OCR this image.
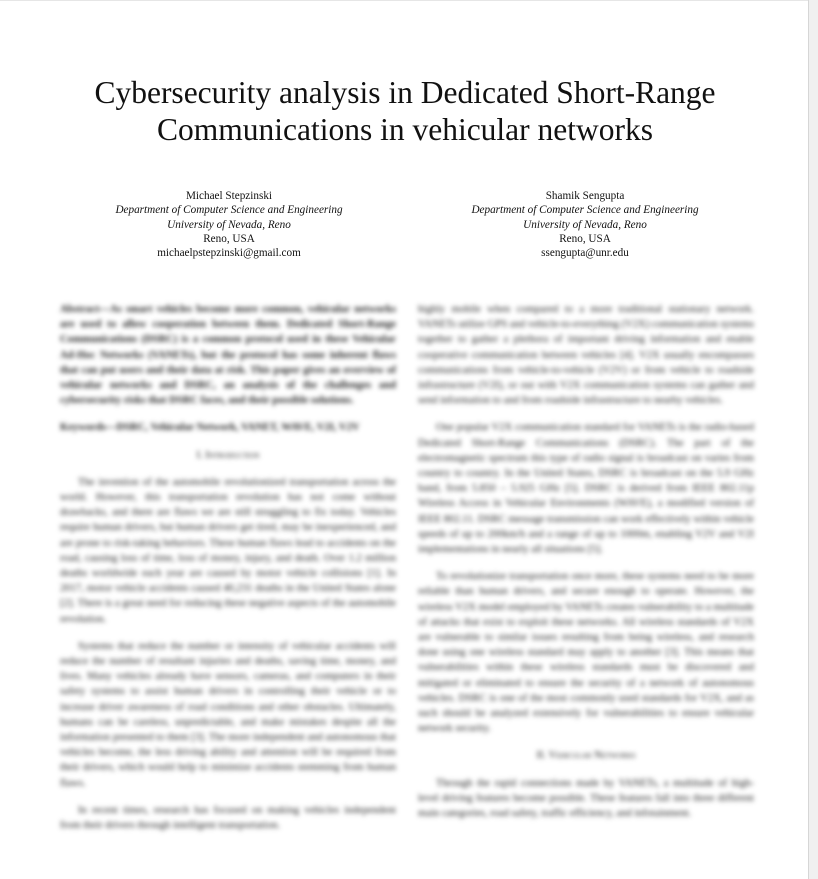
Cybersecurity analysis in Dedicated Short-Range
Communications in vehicular networks
Michael Stepzinski
Department of Computer Science and Engineering
University of Nevada, Reno
Reno, USA
michaelpstepzinski@gmail.com
Shamik Sengupta
Department of Computer Science and Engineering
University of Nevada, Reno
Reno, USA
ssengupta@unr.edu

Abstract—As smart vehicles become more common, vehicular networks are used to allow cooperation between them. Dedicated Short-Range Communications (DSRC) is a common protocol used in these Vehicular Ad-Hoc Networks (VANETs), but the protocol has some inherent flaws that can put users and their data at risk. This paper gives an overview of vehicular networks and DSRC, an analysis of the challenges and cybersecurity risks that DSRC faces, and their possible solutions.

Keywords—DSRC, Vehicular Network, VANET, WAVE, V2I, V2V

I. Introduction

The invention of the automobile revolutionized transportation across the world. However, this transportation revolution has not come without drawbacks, and there are flaws we are still struggling to fix today. Vehicles require human drivers, but human drivers get tired, may be inexperienced, and are prone to risk-taking behaviors. These human flaws lead to accidents on the road, causing loss of time, loss of money, injury, and death. Over 1.2 million deaths worldwide each year are caused by motor vehicle collisions [1]. In 2017, motor vehicle accidents caused 40,231 deaths in the United States alone [2]. There is a great need for reducing these negative aspects of the automobile revolution.

Systems that reduce the number or intensity of vehicular accidents will reduce the number of resultant injuries and deaths, saving time, money, and lives. Many vehicles already have sensors, cameras, and computers in their safety systems to assist human drivers in controlling their vehicle or to increase driver awareness of road conditions and other obstacles. Ultimately, humans can be careless, unpredictable, and make mistakes despite all the information presented to them [3]. The more independent and autonomous that vehicles become, the less driving ability and attention will be required from their drivers, which would help to minimize accidents stemming from human flaws.

In recent times, research has focused on making vehicles independent from their drivers through intelligent transportation.

highly mobile when compared to a more traditional stationary network. VANETs utilize GPS and vehicle-to-everything (V2X) communication systems together to gather a plethora of important driving information and enable cooperative communication between vehicles [4]. V2X usually encompasses communications from vehicle-to-vehicle (V2V) or from vehicle to roadside infrastructure (V2I), or out with V2X communication systems can gather and send information to and from roadside infrastructure to nearby vehicles.

One popular V2X communication standard for VANETs is the radio-based Dedicated Short-Range Communications (DSRC). The part of the electromagnetic spectrum this type of radio signal is broadcast on varies from country to country. In the United States, DSRC is broadcast on the 5.9 GHz band, from 5.850 – 5.925 GHz [5]. DSRC is derived from IEEE 802.11p Wireless Access in Vehicular Environments (WAVE), a modified version of IEEE 802.11. DSRC message transmission can work effectively within vehicle speeds of up to 200km/h and a range of up to 1000m, enabling V2V and V2I implementations in nearly all situations [5].

To revolutionize transportation once more, these systems need to be more reliable than human drivers, and secure enough to operate. However, the wireless V2X model employed by VANETs creates vulnerability to a multitude of attacks that exist to exploit these networks. All wireless standards of V2X are vulnerable to similar issues resulting from being wireless, and research done using one wireless standard may apply to another [3]. This means that vulnerabilities within these wireless standards must be discovered and mitigated or eliminated to ensure the security of a network of autonomous vehicles. DSRC is one of the most commonly used standards for V2X, and as such should be analyzed extensively for vulnerabilities to ensure vehicular network security.

II. Vehicular Networks

Through the rapid connections made by VANETs, a multitude of high-level driving features become possible. These features fall into three different main categories, road safety, traffic efficiency, and infotainment.
